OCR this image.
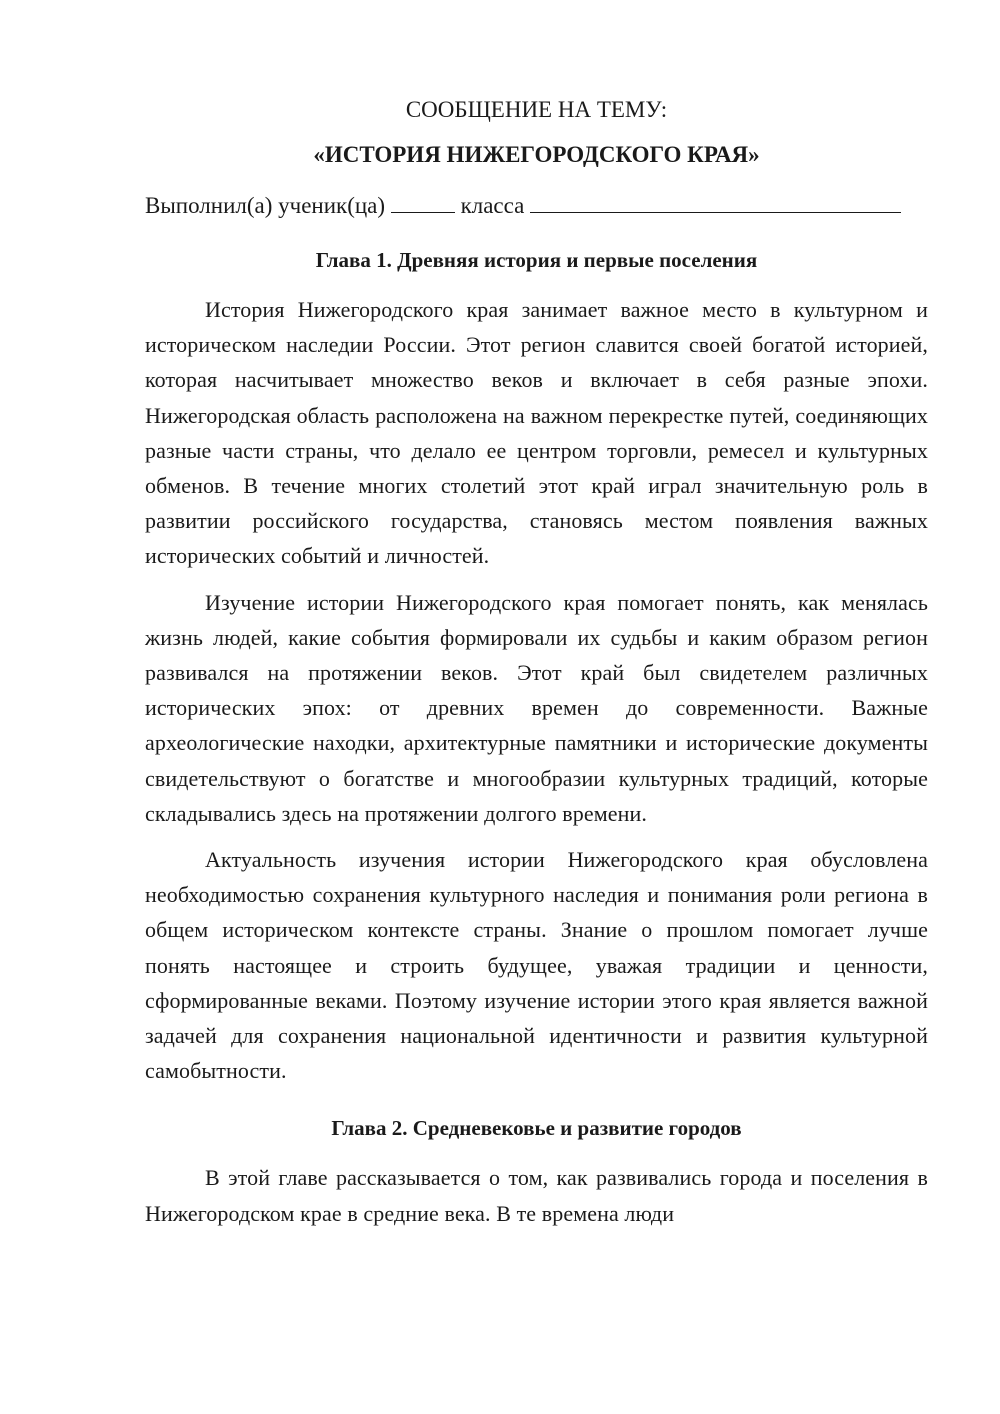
СООБЩЕНИЕ НА ТЕМУ:
«ИСТОРИЯ НИЖЕГОРОДСКОГО КРАЯ»
Выполнил(а) ученик(ца)	класса
Глава 1. Древняя история и первые поселения

История Нижегородского края занимает важное место в культурном и историческом наследии России. Этот регион славится своей богатой историей, которая насчитывает множество веков и включает в себя разные эпохи. Нижегородская область расположена на важном перекрестке путей, соединяющих разные части страны, что делало ее центром торговли, ремесел и культурных обменов. В течение многих столетий этот край играл значительную роль в развитии российского государства, становясь местом появления важных исторических событий и личностей.

Изучение истории Нижегородского края помогает понять, как менялась жизнь людей, какие события формировали их судьбы и каким образом регион развивался на протяжении веков. Этот край был свидетелем различных исторических эпох: от древних времен до современности. Важные археологические находки, архитектурные памятники и исторические документы свидетельствуют о богатстве и многообразии культурных традиций, которые складывались здесь на протяжении долгого времени.

Актуальность изучения истории Нижегородского края обусловлена необходимостью сохранения культурного наследия и понимания роли региона в общем историческом контексте страны. Знание о прошлом помогает лучше понять настоящее и строить будущее, уважая традиции и ценности, сформированные веками. Поэтому изучение истории этого края является важной задачей для сохранения национальной идентичности и развития культурной самобытности.

Глава 2. Средневековье и развитие городов

В этой главе рассказывается о том, как развивались города и поселения в Нижегородском крае в средние века. В те времена люди
